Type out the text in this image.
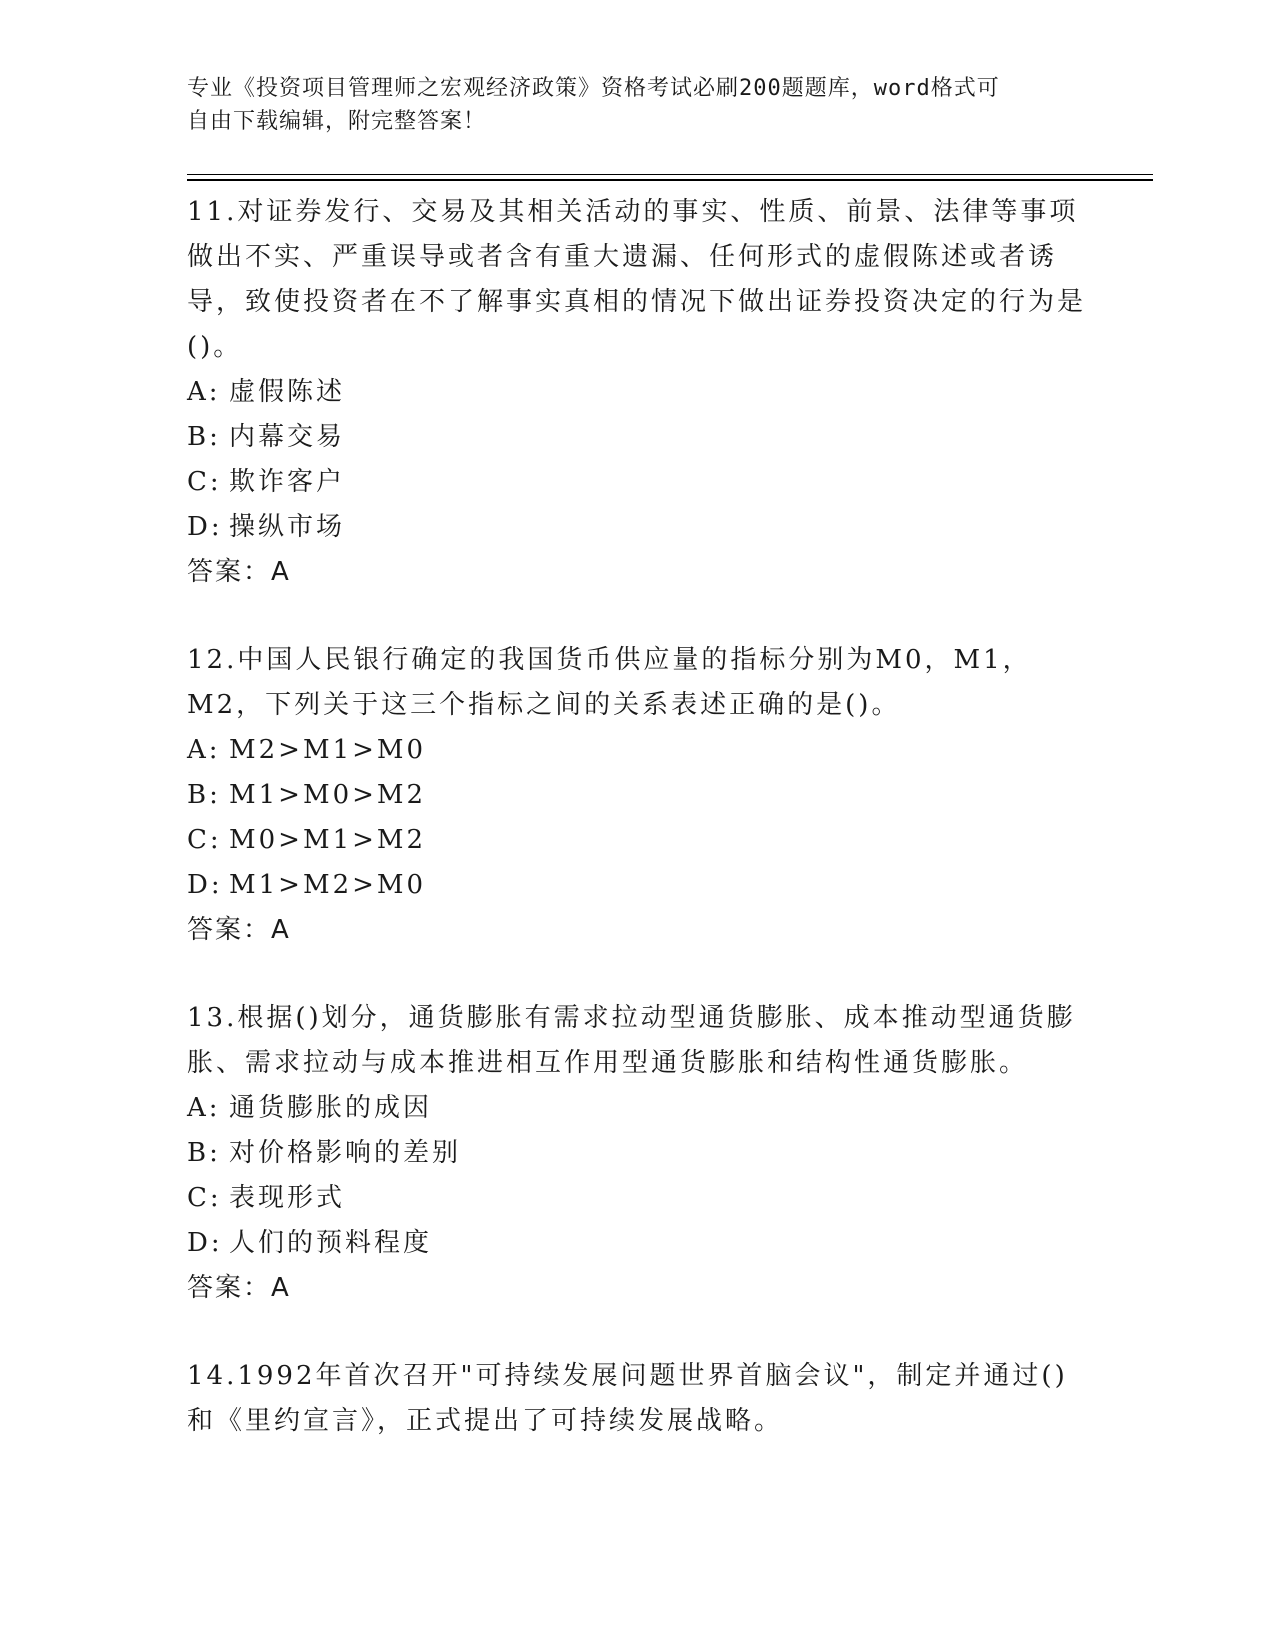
专业《投资项目管理师之宏观经济政策》资格考试必刷200题题库，word格式可
自由下载编辑，附完整答案！

11.对证券发行、交易及其相关活动的事实、性质、前景、法律等事项做出不实、严重误导或者含有重大遗漏、任何形式的虚假陈述或者诱导，致使投资者在不了解事实真相的情况下做出证券投资决定的行为是()。

A: 虚假陈述

B: 内幕交易

C: 欺诈客户

D: 操纵市场

答案：A

12.中国人民银行确定的我国货币供应量的指标分别为M0，M1，M2，下列关于这三个指标之间的关系表述正确的是()。

A: M2>M1>M0

B: M1>M0>M2

C: M0>M1>M2

D: M1>M2>M0

答案：A

13.根据()划分，通货膨胀有需求拉动型通货膨胀、成本推动型通货膨胀、需求拉动与成本推进相互作用型通货膨胀和结构性通货膨胀。

A: 通货膨胀的成因

B: 对价格影响的差别

C: 表现形式

D: 人们的预料程度

答案：A

14.1992年首次召开"可持续发展问题世界首脑会议"，制定并通过()和《里约宣言》，正式提出了可持续发展战略。
